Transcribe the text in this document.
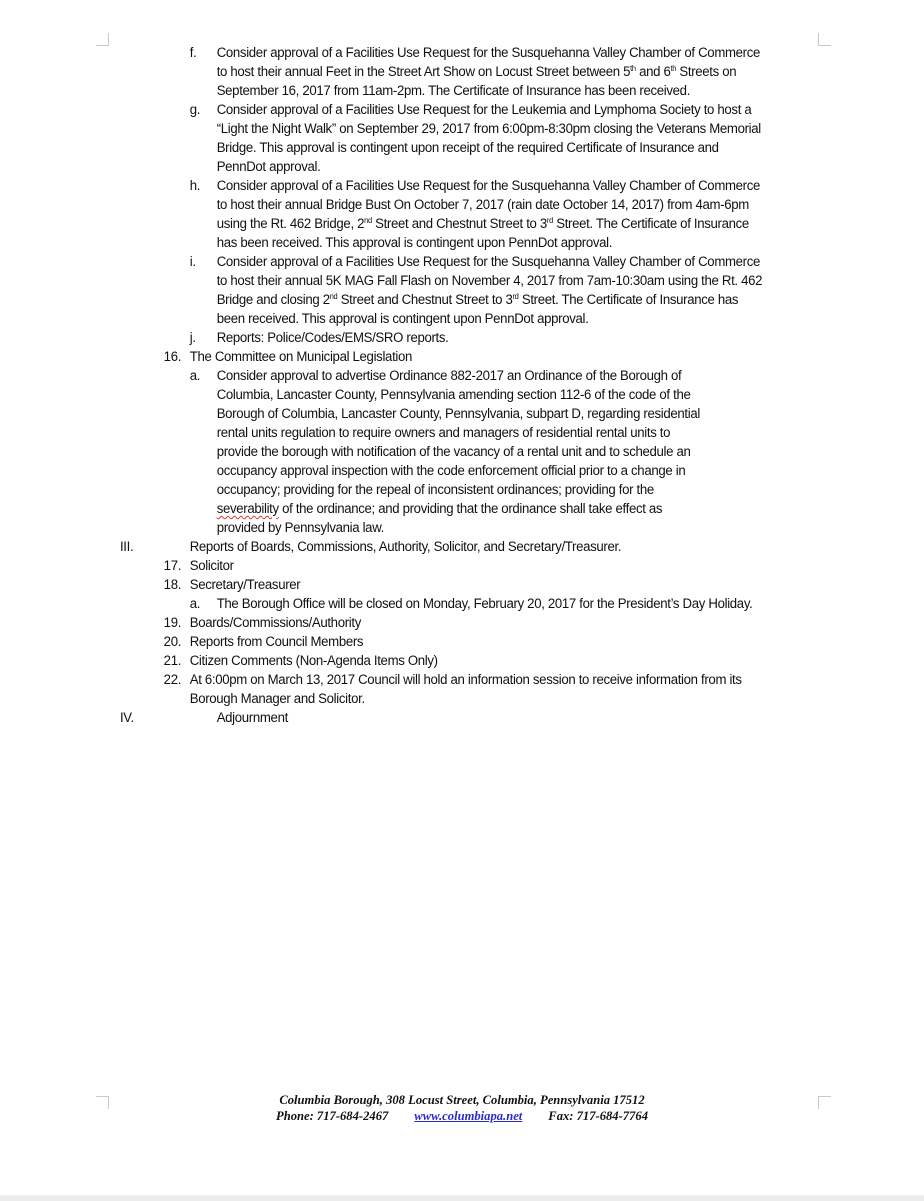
f. Consider approval of a Facilities Use Request for the Susquehanna Valley Chamber of Commerce
to host their annual Feet in the Street Art Show on Locust Street between 5th and 6th Streets on
September 16, 2017 from 11am-2pm. The Certificate of Insurance has been received.
g. Consider approval of a Facilities Use Request for the Leukemia and Lymphoma Society to host a
“Light the Night Walk” on September 29, 2017 from 6:00pm-8:30pm closing the Veterans Memorial
Bridge. This approval is contingent upon receipt of the required Certificate of Insurance and
PennDot approval.
h. Consider approval of a Facilities Use Request for the Susquehanna Valley Chamber of Commerce
to host their annual Bridge Bust On October 7, 2017 (rain date October 14, 2017) from 4am-6pm
using the Rt. 462 Bridge, 2nd Street and Chestnut Street to 3rd Street. The Certificate of Insurance
has been received. This approval is contingent upon PennDot approval.
i. Consider approval of a Facilities Use Request for the Susquehanna Valley Chamber of Commerce
to host their annual 5K MAG Fall Flash on November 4, 2017 from 7am-10:30am using the Rt. 462
Bridge and closing 2nd Street and Chestnut Street to 3rd Street. The Certificate of Insurance has
been received. This approval is contingent upon PennDot approval.
j. Reports: Police/Codes/EMS/SRO reports.
16. The Committee on Municipal Legislation
a. Consider approval to advertise Ordinance 882-2017 an Ordinance of the Borough of
Columbia, Lancaster County, Pennsylvania amending section 112-6 of the code of the
Borough of Columbia, Lancaster County, Pennsylvania, subpart D, regarding residential
rental units regulation to require owners and managers of residential rental units to
provide the borough with notification of the vacancy of a rental unit and to schedule an
occupancy approval inspection with the code enforcement official prior to a change in
occupancy; providing for the repeal of inconsistent ordinances; providing for the
severability of the ordinance; and providing that the ordinance shall take effect as
provided by Pennsylvania law.
III.	Reports of Boards, Commissions, Authority, Solicitor, and Secretary/Treasurer.
17. Solicitor
18. Secretary/Treasurer
a. The Borough Office will be closed on Monday, February 20, 2017 for the President’s Day Holiday.
19. Boards/Commissions/Authority
20. Reports from Council Members
21. Citizen Comments (Non-Agenda Items Only)
22. At 6:00pm on March 13, 2017 Council will hold an information session to receive information from its
Borough Manager and Solicitor.
IV.	Adjournment
Columbia Borough, 308 Locust Street, Columbia, Pennsylvania 17512
Phone: 717-684-2467 www.columbiapa.net Fax: 717-684-7764
